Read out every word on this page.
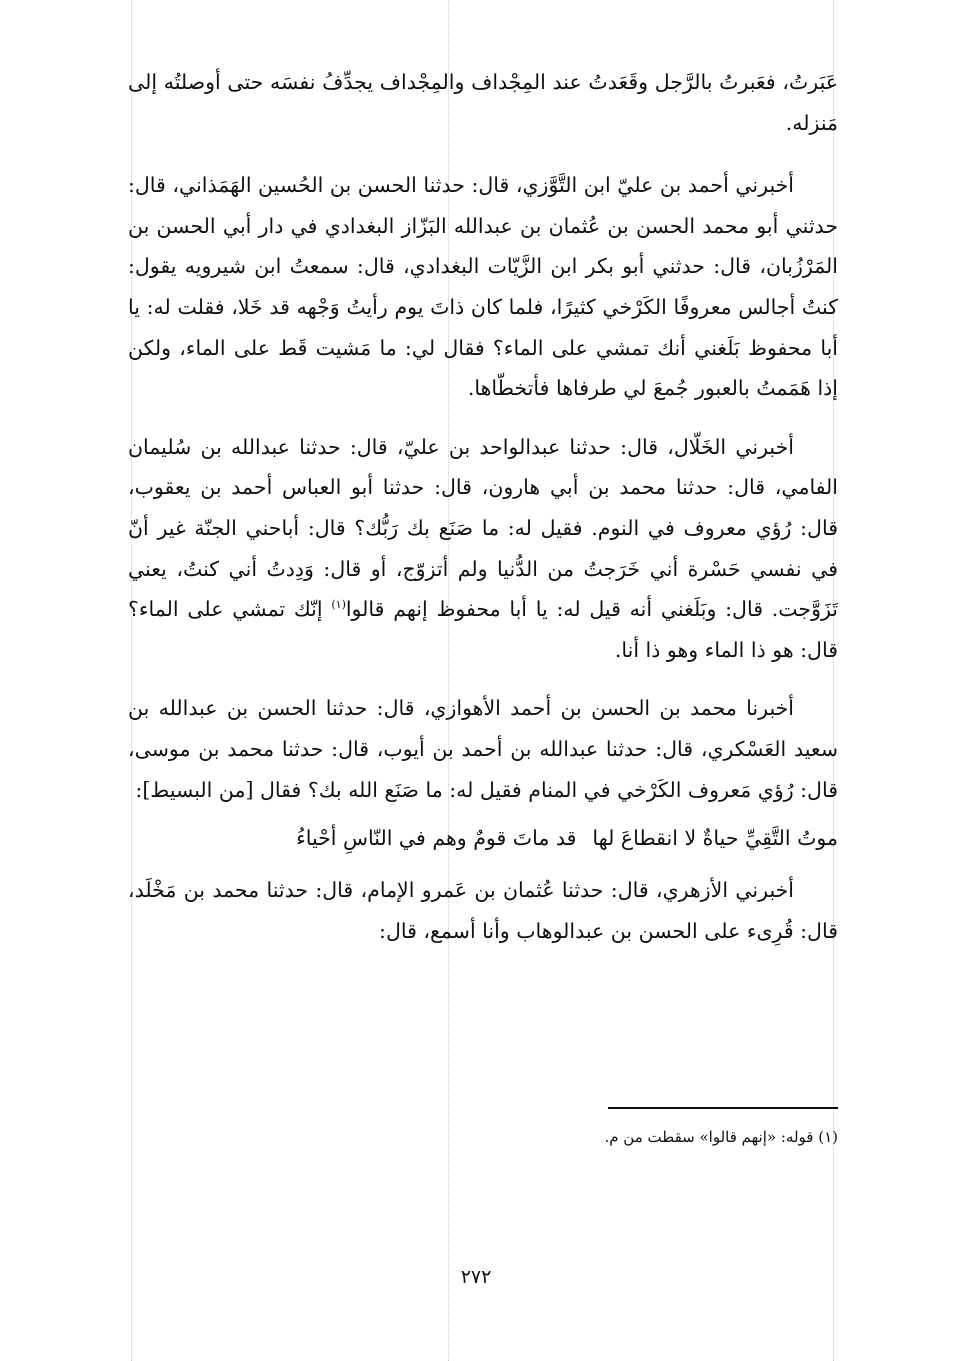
عَبَرتُ، فعَبرتُ بالرَّجل وقَعَدتُ عند المِجْداف والمِجْداف يجدِّفُ نفسَه حتى أوصلتُه إلى مَنزله.

أخبرني أحمد بن عليّ ابن التَّوَّزي، قال: حدثنا الحسن بن الحُسين الهَمَذاني، قال: حدثني أبو محمد الحسن بن عُثمان بن عبدالله البَزّاز البغدادي في دار أبي الحسن بن المَرْزُبان، قال: حدثني أبو بكر ابن الزَّيّات البغدادي، قال: سمعتُ ابن شيرويه يقول: كنتُ أجالس معروفًا الكَرْخي كثيرًا، فلما كان ذاتَ يوم رأيتُ وَجْهه قد خَلا، فقلت له: يا أبا محفوظ بَلَغني أنك تمشي على الماء؟ فقال لي: ما مَشيت قَط على الماء، ولكن إذا هَمَمتُ بالعبور جُمعَ لي طرفاها فأتخطّاها.

أخبرني الخَلّال، قال: حدثنا عبدالواحد بن عليّ، قال: حدثنا عبدالله بن سُليمان الفامي، قال: حدثنا محمد بن أبي هارون، قال: حدثنا أبو العباس أحمد بن يعقوب، قال: رُؤي معروف في النوم. فقيل له: ما صَنَع بك رَبُّك؟ قال: أباحني الجنّة غير أنّ في نفسي حَسْرة أني خَرَجتُ من الدُّنيا ولم أتزوّج، أو قال: وَدِدتُ أني كنتُ، يعني تَزَوَّجت. قال: وبَلَغني أنه قيل له: يا أبا محفوظ إنهم قالوا$^{(١)}$ إنّك تمشي على الماء؟ قال: هو ذا الماء وهو ذا أنا.

أخبرنا محمد بن الحسن بن أحمد الأهوازي، قال: حدثنا الحسن بن عبدالله بن سعيد العَسْكري، قال: حدثنا عبدالله بن أحمد بن أيوب، قال: حدثنا محمد بن موسى، قال: رُؤي مَعروف الكَرْخي في المنام فقيل له: ما صَنَع الله بك؟ فقال [من البسيط]:

موتُ التَّقِيِّ حياةٌ لا انقطاعَ لهاقد ماتَ قومٌ وهم في النّاسِ أحْياءُ

أخبرني الأزهري، قال: حدثنا عُثمان بن عَمرو الإمام، قال: حدثنا محمد بن مَخْلَد، قال: قُرِىء على الحسن بن عبدالوهاب وأنا أسمع، قال:

(١) قوله: «إنهم قالوا» سقطت من م.
٢٧٢
